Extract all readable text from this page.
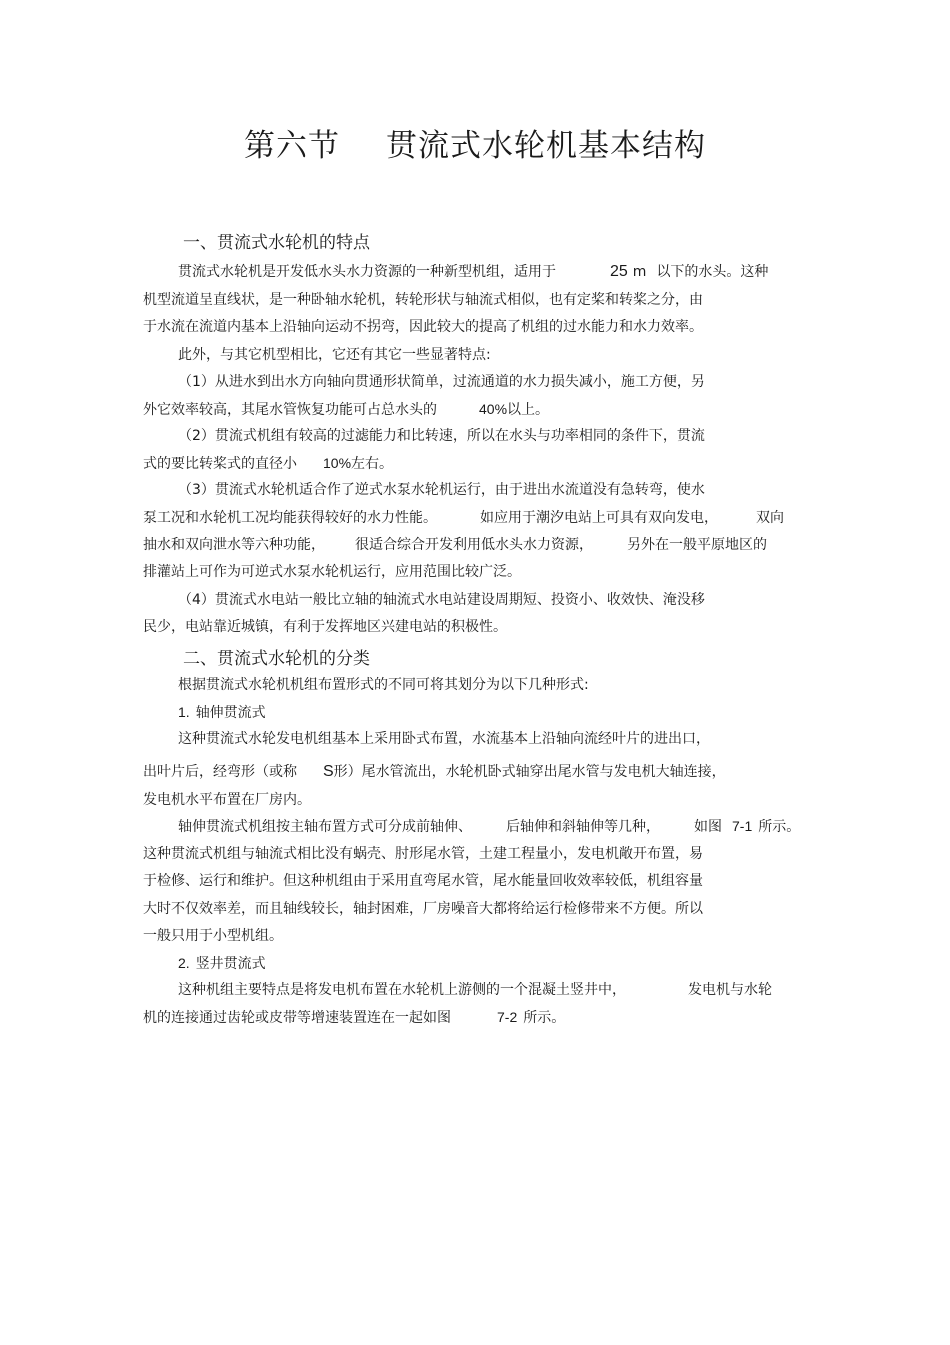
第六节 贯流式水轮机基本结构
一、贯流式水轮机的特点
贯流式水轮机是开发低水头水力资源的一种新型机组，适用于	25 m 以下的水头。这种
机型流道呈直线状，是一种卧轴水轮机，转轮形状与轴流式相似，也有定桨和转桨之分，由
于水流在流道内基本上沿轴向运动不拐弯，因此较大的提高了机组的过水能力和水力效率。
此外，与其它机型相比，它还有其它一些显著特点:
（1）从进水到出水方向轴向贯通形状简单，过流通道的水力损失减小，施工方便，另
外它效率较高，其尾水管恢复功能可占总水头的	40%以上。
（2）贯流式机组有较高的过滤能力和比转速，所以在水头与功率相同的条件下，贯流
式的要比转桨式的直径小 10%左右。
（3）贯流式水轮机适合作了逆式水泵水轮机运行，由于进出水流道没有急转弯，使水
泵工况和水轮机工况均能获得较好的水力性能。	如应用于潮汐电站上可具有双向发电，	双向
抽水和双向泄水等六种功能， 很适合综合开发利用低水头水力资源， 另外在一般平原地区的
排灌站上可作为可逆式水泵水轮机运行，应用范围比较广泛。
（4）贯流式水电站一般比立轴的轴流式水电站建设周期短、投资小、收效快、淹没移
民少，电站靠近城镇，有利于发挥地区兴建电站的积极性。
二、贯流式水轮机的分类
根据贯流式水轮机机组布置形式的不同可将其划分为以下几种形式:
1. 轴伸贯流式
这种贯流式水轮发电机组基本上采用卧式布置，水流基本上沿轴向流经叶片的进出口，
出叶片后，经弯形（或称 S形）尾水管流出，水轮机卧式轴穿出尾水管与发电机大轴连接，
发电机水平布置在厂房内。
轴伸贯流式机组按主轴布置方式可分成前轴伸、 后轴伸和斜轴伸等几种， 如图 7-1 所示。
这种贯流式机组与轴流式相比没有蜗壳、肘形尾水管，土建工程量小，发电机敞开布置，易
于检修、运行和维护。但这种机组由于采用直弯尾水管，尾水能量回收效率较低，机组容量
大时不仅效率差，而且轴线较长，轴封困难，厂房噪音大都将给运行检修带来不方便。所以
一般只用于小型机组。
2. 竖井贯流式
这种机组主要特点是将发电机布置在水轮机上游侧的一个混凝土竖井中，	发电机与水轮
机的连接通过齿轮或皮带等增速装置连在一起如图	7-2 所示。
